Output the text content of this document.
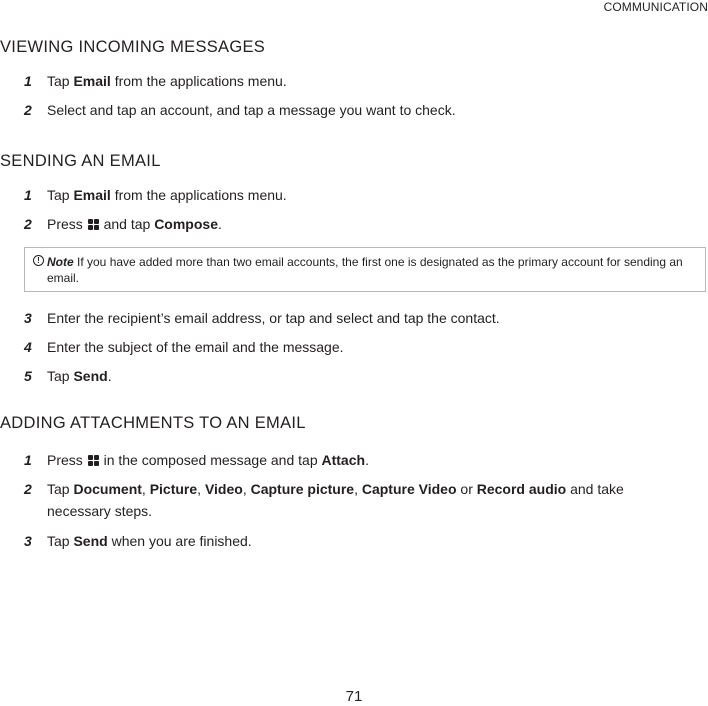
COMMUNICATION
VIEWING INCOMING MESSAGES
1 Tap Email from the applications menu.
2 Select and tap an account, and tap a message you want to check.
SENDING AN EMAIL
1 Tap Email from the applications menu.
2 Press
and tap Compose.
! Note If you have added more than two email accounts, the first one is designated as the primary account for sending an email.
3 Enter the recipient’s email address, or tap and select and tap the contact.
4 Enter the subject of the email and the message.
5 Tap Send.
ADDING ATTACHMENTS TO AN EMAIL
1 Press
in the composed message and tap Attach.
2 Tap Document, Picture, Video, Capture picture, Capture Video or Record audio and take necessary steps.
3 Tap Send when you are finished.
71
